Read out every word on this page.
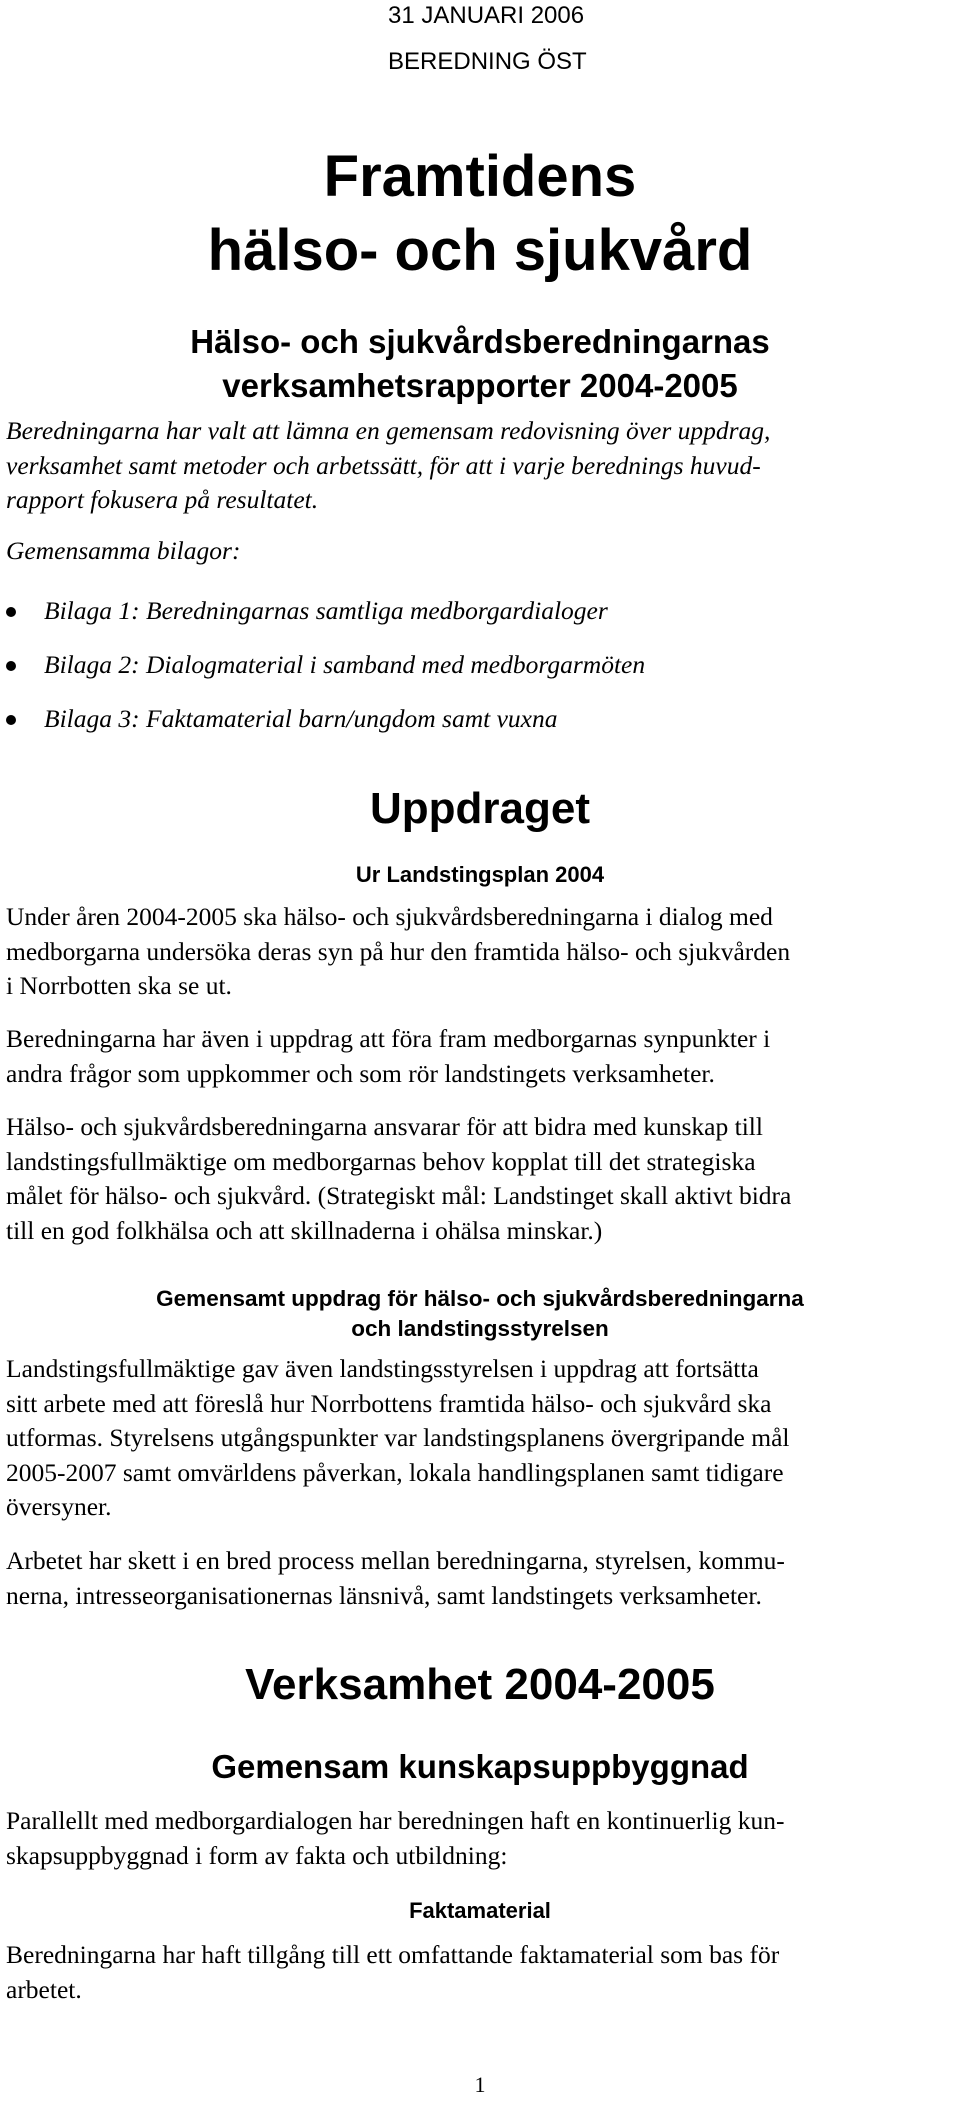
31 JANUARI 2006
BEREDNING ÖST
Framtidens
hälso- och sjukvård
Hälso- och sjukvårdsberedningarnas
verksamhetsrapporter 2004-2005

Beredningarna har valt att lämna en gemensam redovisning över uppdrag,
verksamhet samt metoder och arbetssätt, för att i varje berednings huvud-
rapport fokusera på resultatet.

Gemensamma bilagor:

Bilaga 1: Beredningarnas samtliga medborgardialoger
Bilaga 2: Dialogmaterial i samband med medborgarmöten
Bilaga 3: Faktamaterial barn/ungdom samt vuxna
Uppdraget
Ur Landstingsplan 2004

Under åren 2004-2005 ska hälso- och sjukvårdsberedningarna i dialog med
medborgarna undersöka deras syn på hur den framtida hälso- och sjukvården
i Norrbotten ska se ut.

Beredningarna har även i uppdrag att föra fram medborgarnas synpunkter i
andra frågor som uppkommer och som rör landstingets verksamheter.

Hälso- och sjukvårdsberedningarna ansvarar för att bidra med kunskap till
landstingsfullmäktige om medborgarnas behov kopplat till det strategiska
målet för hälso- och sjukvård. (Strategiskt mål: Landstinget skall aktivt bidra
till en god folkhälsa och att skillnaderna i ohälsa minskar.)

Gemensamt uppdrag för hälso- och sjukvårdsberedningarna
och landstingsstyrelsen

Landstingsfullmäktige gav även landstingsstyrelsen i uppdrag att fortsätta
sitt arbete med att föreslå hur Norrbottens framtida hälso- och sjukvård ska
utformas. Styrelsens utgångspunkter var landstingsplanens övergripande mål
2005-2007 samt omvärldens påverkan, lokala handlingsplanen samt tidigare
översyner.

Arbetet har skett i en bred process mellan beredningarna, styrelsen, kommu-
nerna, intresseorganisationernas länsnivå, samt landstingets verksamheter.

Verksamhet 2004-2005
Gemensam kunskapsuppbyggnad

Parallellt med medborgardialogen har beredningen haft en kontinuerlig kun-
skapsuppbyggnad i form av fakta och utbildning:

Faktamaterial

Beredningarna har haft tillgång till ett omfattande faktamaterial som bas för
arbetet.

1
